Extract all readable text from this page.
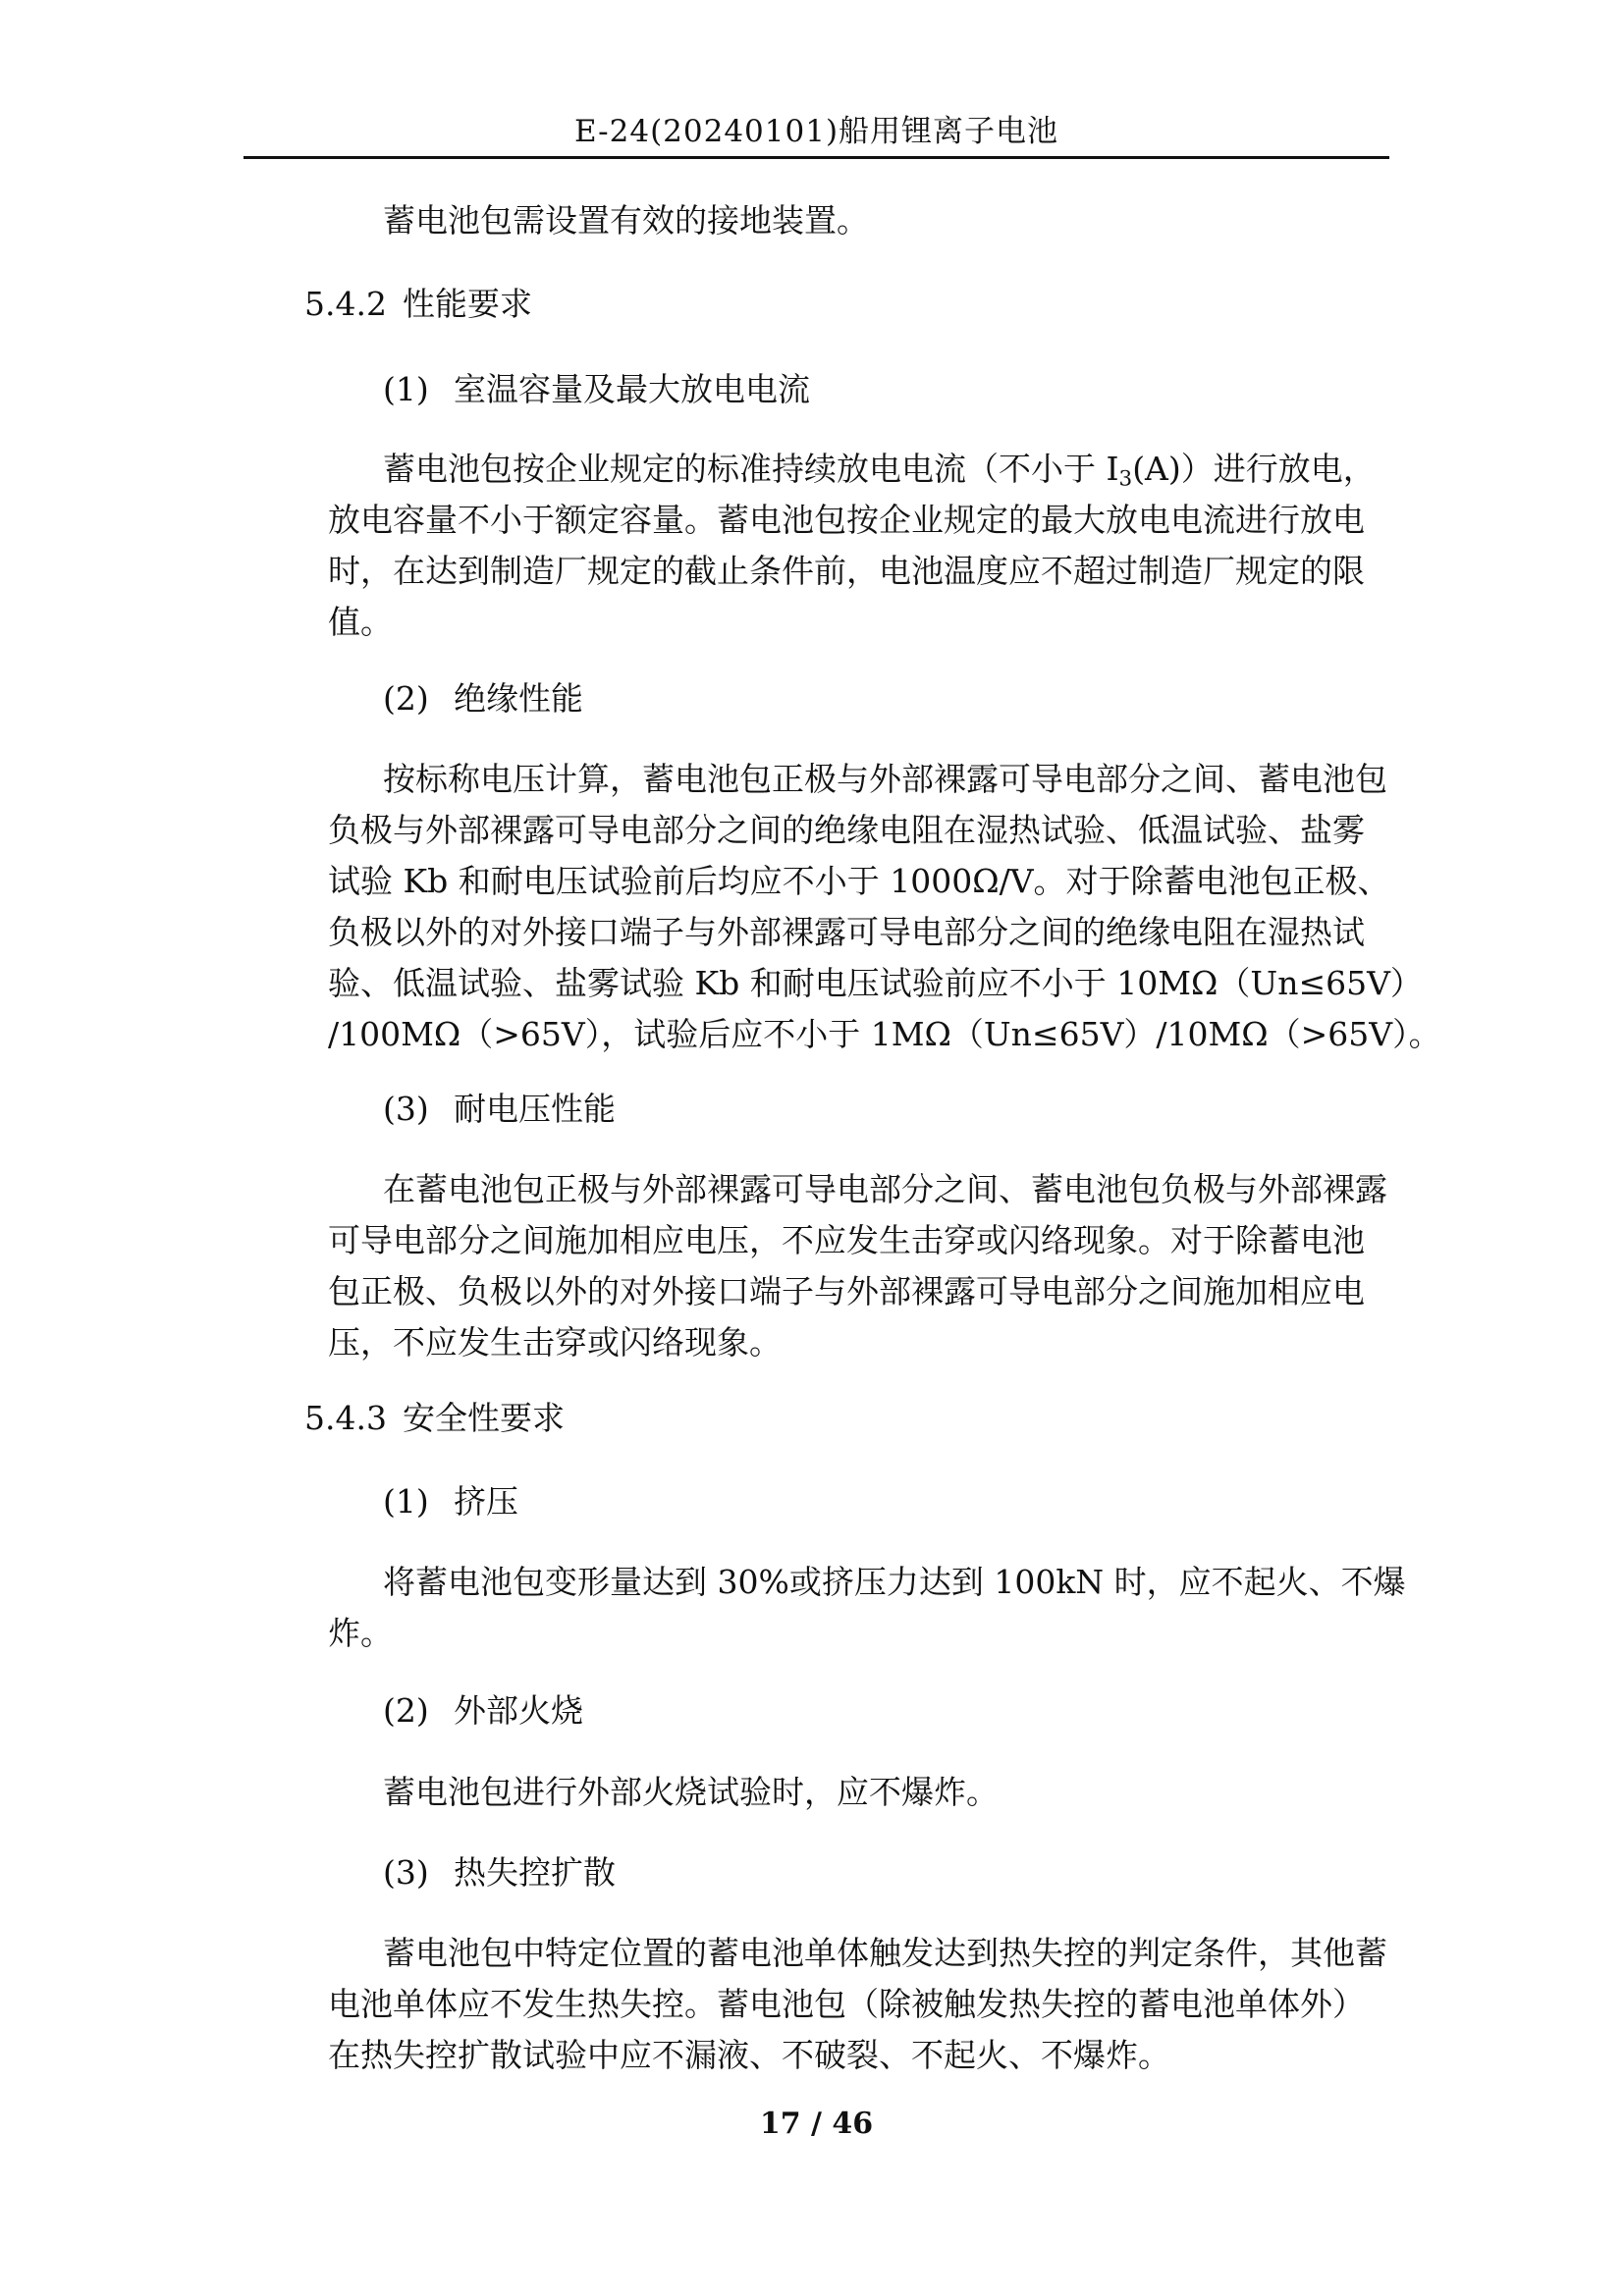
E-24(20240101)船用锂离子电池
蓄电池包需设置有效的接地装置。
5.4.2 性能要求
(1) 室温容量及最大放电电流
蓄电池包按企业规定的标准持续放电电流（不小于 $I_3(A)$）进行放电，
放电容量不小于额定容量。蓄电池包按企业规定的最大放电电流进行放电
时，在达到制造厂规定的截止条件前，电池温度应不超过制造厂规定的限
值。
(2) 绝缘性能
按标称电压计算，蓄电池包正极与外部裸露可导电部分之间、蓄电池包
负极与外部裸露可导电部分之间的绝缘电阻在湿热试验、低温试验、盐雾
试验 Kb 和耐电压试验前后均应不小于 1000Ω/V。对于除蓄电池包正极、
负极以外的对外接口端子与外部裸露可导电部分之间的绝缘电阻在湿热试
验、低温试验、盐雾试验 Kb 和耐电压试验前应不小于 10MΩ（Un≤65V）
/100MΩ（>65V），试验后应不小于 1MΩ（Un≤65V）/10MΩ（>65V）。
(3) 耐电压性能
在蓄电池包正极与外部裸露可导电部分之间、蓄电池包负极与外部裸露
可导电部分之间施加相应电压，不应发生击穿或闪络现象。对于除蓄电池
包正极、负极以外的对外接口端子与外部裸露可导电部分之间施加相应电
压，不应发生击穿或闪络现象。
5.4.3 安全性要求
(1) 挤压
将蓄电池包变形量达到 30%或挤压力达到 100kN 时，应不起火、不爆
炸。
(2) 外部火烧
蓄电池包进行外部火烧试验时，应不爆炸。
(3) 热失控扩散
蓄电池包中特定位置的蓄电池单体触发达到热失控的判定条件，其他蓄
电池单体应不发生热失控。蓄电池包（除被触发热失控的蓄电池单体外）
在热失控扩散试验中应不漏液、不破裂、不起火、不爆炸。
17 / 46
